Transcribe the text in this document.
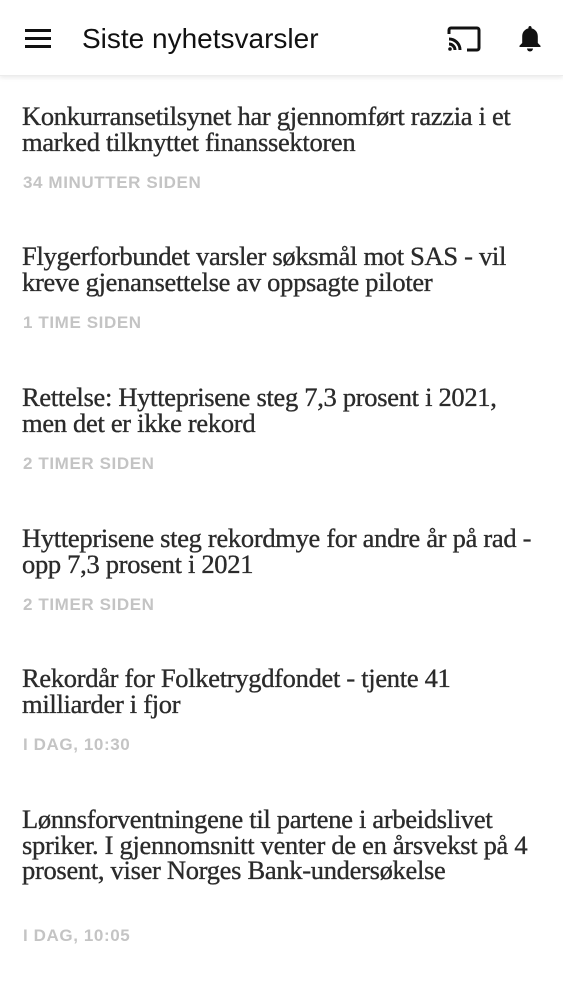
Siste nyhetsvarsler
Konkurransetilsynet har gjennomført razzia i et marked tilknyttet finanssektoren
34 MINUTTER SIDEN
Flygerforbundet varsler søksmål mot SAS - vil kreve gjenansettelse av oppsagte piloter
1 TIME SIDEN
Rettelse: Hytteprisene steg 7,3 prosent i 2021, men det er ikke rekord
2 TIMER SIDEN
Hytteprisene steg rekordmye for andre år på rad - opp 7,3 prosent i 2021
2 TIMER SIDEN
Rekordår for Folketrygdfondet - tjente 41 milliarder i fjor
I DAG, 10:30
Lønnsforventningene til partene i arbeidslivet spriker. I gjennomsnitt venter de en årsvekst på 4 prosent, viser Norges Bank-undersøkelse
I DAG, 10:05
